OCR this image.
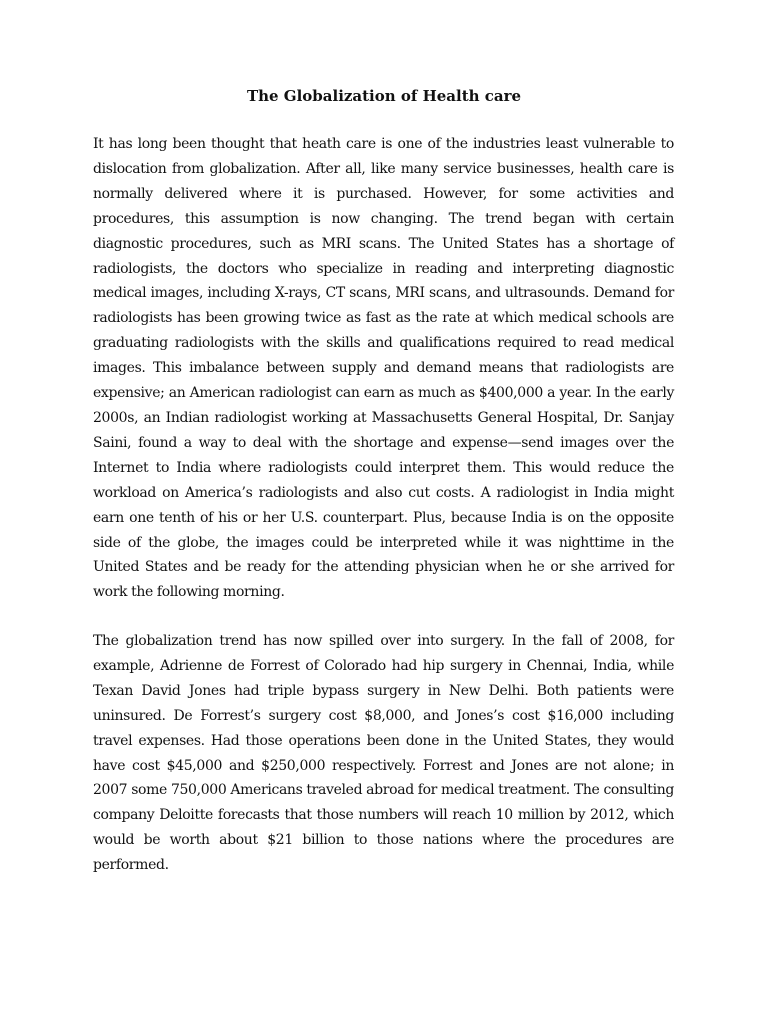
The Globalization of Health care

It has long been thought that heath care is one of the industries least vulnerable to dislocation from globalization. After all, like many service businesses, health care is normally delivered where it is purchased. However, for some activities and procedures, this assumption is now changing. The trend began with certain diagnostic procedures, such as MRI scans. The United States has a shortage of radiologists, the doctors who specialize in reading and interpreting diagnostic medical images, including X-rays, CT scans, MRI scans, and ultrasounds. Demand for radiologists has been growing twice as fast as the rate at which medical schools are graduating radiologists with the skills and qualifications required to read medical images. This imbalance between supply and demand means that radiologists are expensive; an American radiologist can earn as much as $400,000 a year. In the early 2000s, an Indian radiologist working at Massachusetts General Hospital, Dr. Sanjay Saini, found a way to deal with the shortage and expense—send images over the Internet to India where radiologists could interpret them. This would reduce the workload on America’s radiologists and also cut costs. A radiologist in India might earn one tenth of his or her U.S. counterpart. Plus, because India is on the opposite side of the globe, the images could be interpreted while it was nighttime in the United States and be ready for the attending physician when he or she arrived for work the following morning.

The globalization trend has now spilled over into surgery. In the fall of 2008, for example, Adrienne de Forrest of Colorado had hip surgery in Chennai, India, while Texan David Jones had triple bypass surgery in New Delhi. Both patients were uninsured. De Forrest’s surgery cost $8,000, and Jones’s cost $16,000 including travel expenses. Had those operations been done in the United States, they would have cost $45,000 and $250,000 respectively. Forrest and Jones are not alone; in 2007 some 750,000 Americans traveled abroad for medical treatment. The consulting company Deloitte forecasts that those numbers will reach 10 million by 2012, which would be worth about $21 billion to those nations where the procedures are performed.
